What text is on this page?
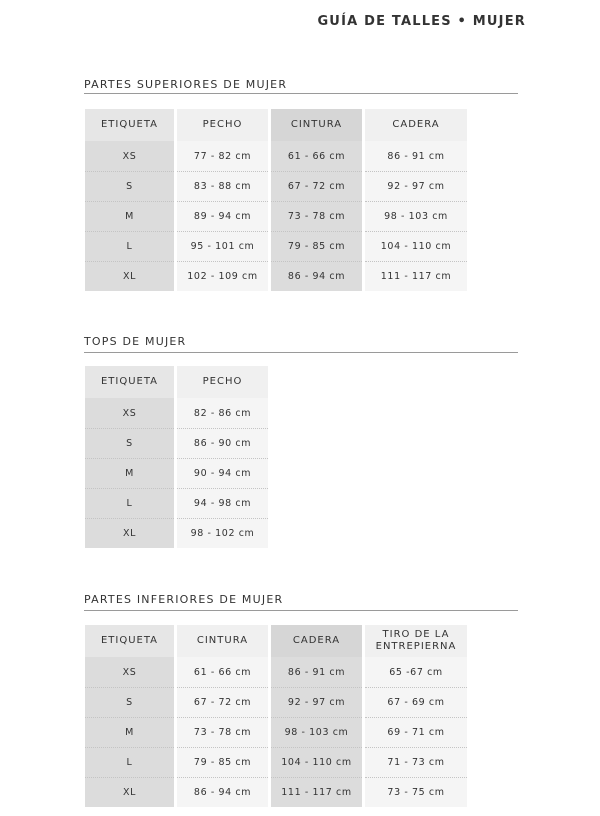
GUÍA DE TALLES • MUJER
PARTES SUPERIORES DE MUJER
ETIQUETA	PECHO	CINTURA	CADERA
XS	77 - 82 cm	61 - 66 cm	86 - 91 cm
S	83 - 88 cm	67 - 72 cm	92 - 97 cm
M	89 - 94 cm	73 - 78 cm	98 - 103 cm
L	95 - 101 cm	79 - 85 cm	104 - 110 cm
XL	102 - 109 cm	86 - 94 cm	111 - 117 cm
TOPS DE MUJER
ETIQUETA	PECHO
XS	82 - 86 cm
S	86 - 90 cm
M	90 - 94 cm
L	94 - 98 cm
XL	98 - 102 cm
PARTES INFERIORES DE MUJER
ETIQUETA	CINTURA	CADERA	TIRO DE LA
ENTREPIERNA
XS	61 - 66 cm	86 - 91 cm	65 -67 cm
S	67 - 72 cm	92 - 97 cm	67 - 69 cm
M	73 - 78 cm	98 - 103 cm	69 - 71 cm
L	79 - 85 cm	104 - 110 cm	71 - 73 cm
XL	86 - 94 cm	111 - 117 cm	73 - 75 cm
